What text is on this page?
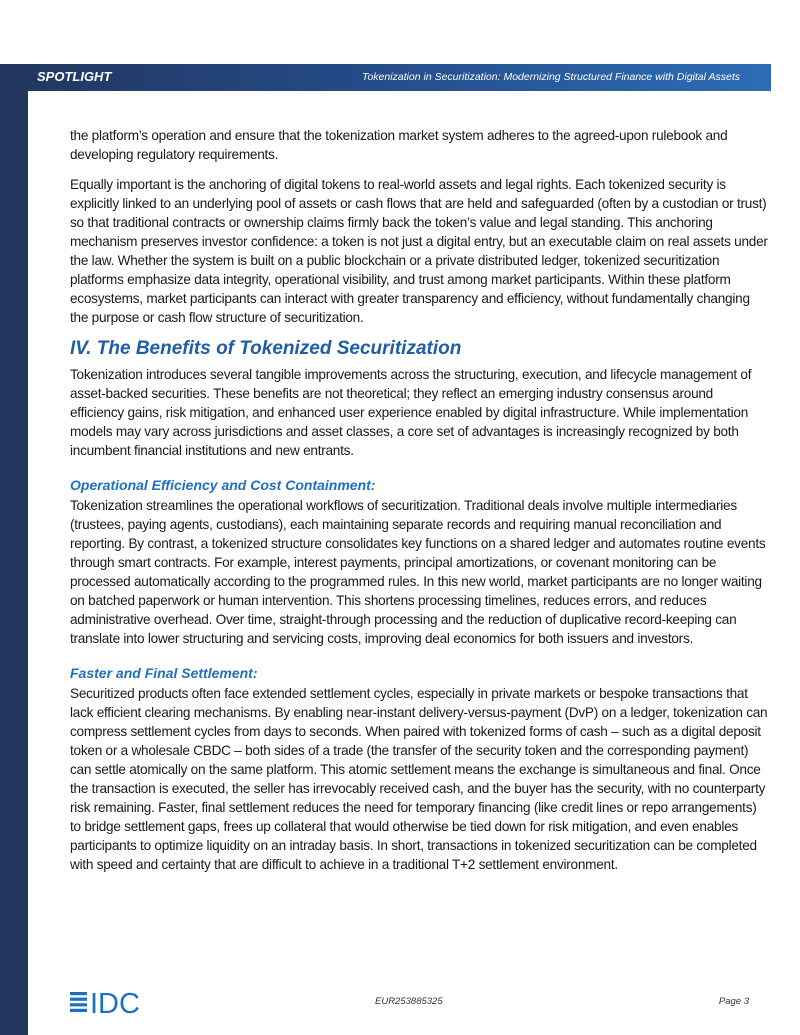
SPOTLIGHT	Tokenization in Securitization: Modernizing Structured Finance with Digital Assets

the platform’s operation and ensure that the tokenization market system adheres to the agreed-upon rulebook and developing regulatory requirements.

Equally important is the anchoring of digital tokens to real-world assets and legal rights. Each tokenized security is explicitly linked to an underlying pool of assets or cash flows that are held and safeguarded (often by a custodian or trust) so that traditional contracts or ownership claims firmly back the token’s value and legal standing. This anchoring mechanism preserves investor confidence: a token is not just a digital entry, but an executable claim on real assets under the law. Whether the system is built on a public blockchain or a private distributed ledger, tokenized securitization platforms emphasize data integrity, operational visibility, and trust among market participants. Within these platform ecosystems, market participants can interact with greater transparency and efficiency, without fundamentally changing the purpose or cash flow structure of securitization.

IV. The Benefits of Tokenized Securitization

Tokenization introduces several tangible improvements across the structuring, execution, and lifecycle management of asset-backed securities. These benefits are not theoretical; they reflect an emerging industry consensus around efficiency gains, risk mitigation, and enhanced user experience enabled by digital infrastructure. While implementation models may vary across jurisdictions and asset classes, a core set of advantages is increasingly recognized by both incumbent financial institutions and new entrants.

Operational Efficiency and Cost Containment:

Tokenization streamlines the operational workflows of securitization. Traditional deals involve multiple intermediaries (trustees, paying agents, custodians), each maintaining separate records and requiring manual reconciliation and reporting. By contrast, a tokenized structure consolidates key functions on a shared ledger and automates routine events through smart contracts. For example, interest payments, principal amortizations, or covenant monitoring can be processed automatically according to the programmed rules. In this new world, market participants are no longer waiting on batched paperwork or human intervention. This shortens processing timelines, reduces errors, and reduces administrative overhead. Over time, straight-through processing and the reduction of duplicative record-keeping can translate into lower structuring and servicing costs, improving deal economics for both issuers and investors.

Faster and Final Settlement:

Securitized products often face extended settlement cycles, especially in private markets or bespoke transactions that lack efficient clearing mechanisms. By enabling near-instant delivery-versus-payment (DvP) on a ledger, tokenization can compress settlement cycles from days to seconds. When paired with tokenized forms of cash – such as a digital deposit token or a wholesale CBDC – both sides of a trade (the transfer of the security token and the corresponding payment) can settle atomically on the same platform. This atomic settlement means the exchange is simultaneous and final. Once the transaction is executed, the seller has irrevocably received cash, and the buyer has the security, with no counterparty risk remaining. Faster, final settlement reduces the need for temporary financing (like credit lines or repo arrangements) to bridge settlement gaps, frees up collateral that would otherwise be tied down for risk mitigation, and even enables participants to optimize liquidity on an intraday basis. In short, transactions in tokenized securitization can be completed with speed and certainty that are difficult to achieve in a traditional T+2 settlement environment.

IDC	EUR253885325	Page 3
